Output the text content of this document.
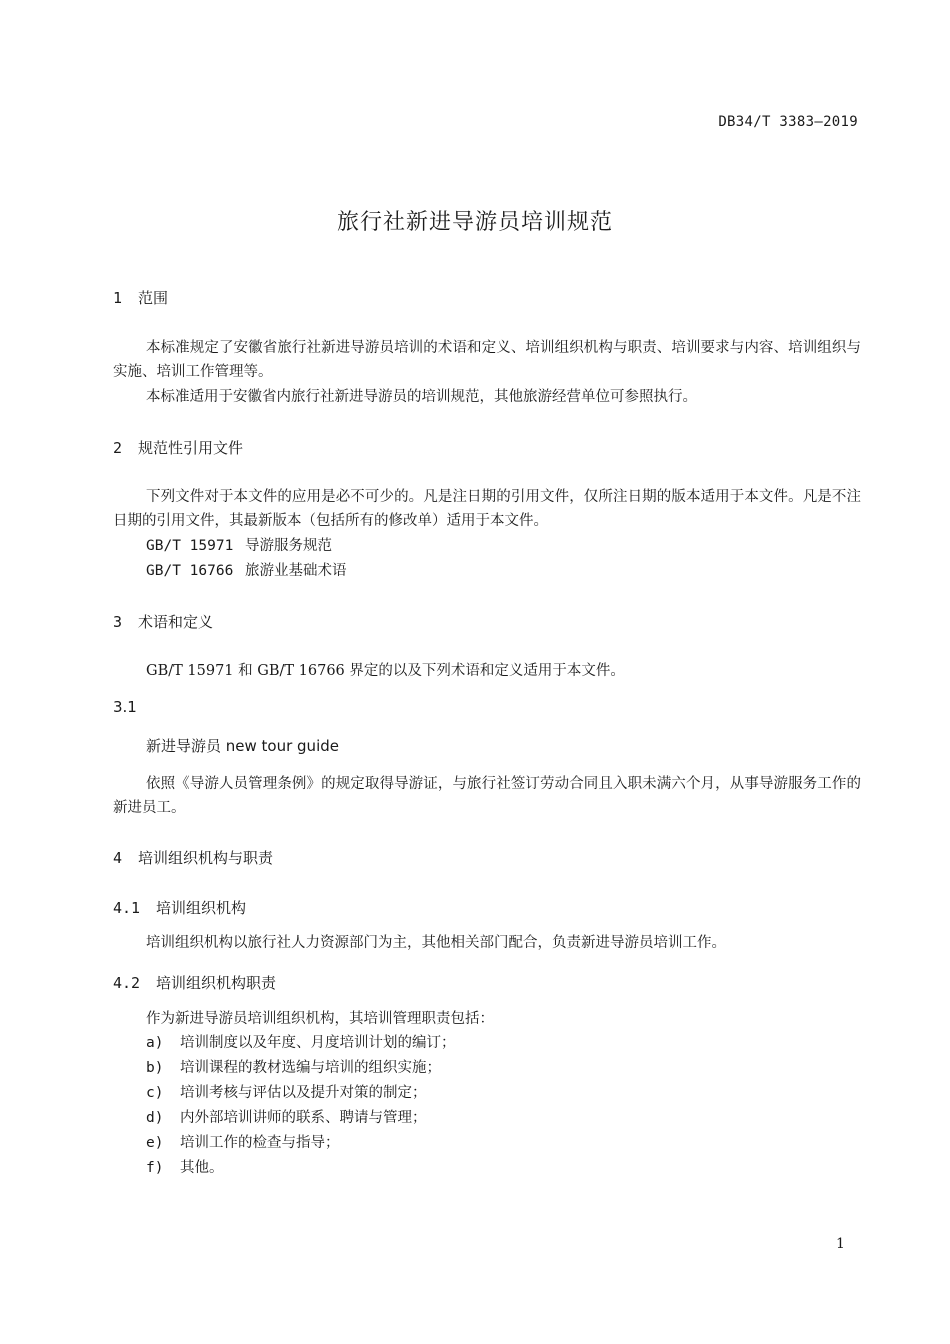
DB34/T 3383—2019
旅行社新进导游员培训规范
1 范围
本标准规定了安徽省旅行社新进导游员培训的术语和定义、培训组织机构与职责、培训要求与内容、培训组织与实施、培训工作管理等。
本标准适用于安徽省内旅行社新进导游员的培训规范，其他旅游经营单位可参照执行。
2 规范性引用文件
下列文件对于本文件的应用是必不可少的。凡是注日期的引用文件，仅所注日期的版本适用于本文件。凡是不注日期的引用文件，其最新版本（包括所有的修改单）适用于本文件。
GB/T 15971 导游服务规范
GB/T 16766 旅游业基础术语
3 术语和定义
GB/T 15971 和 GB/T 16766 界定的以及下列术语和定义适用于本文件。
3.1
新进导游员 new tour guide
依照《导游人员管理条例》的规定取得导游证，与旅行社签订劳动合同且入职未满六个月，从事导游服务工作的新进员工。
4 培训组织机构与职责
4.1 培训组织机构
培训组织机构以旅行社人力资源部门为主，其他相关部门配合，负责新进导游员培训工作。
4.2 培训组织机构职责
作为新进导游员培训组织机构，其培训管理职责包括：
a) 培训制度以及年度、月度培训计划的编订；
b) 培训课程的教材选编与培训的组织实施；
c) 培训考核与评估以及提升对策的制定；
d) 内外部培训讲师的联系、聘请与管理；
e) 培训工作的检查与指导；
f) 其他。
1
